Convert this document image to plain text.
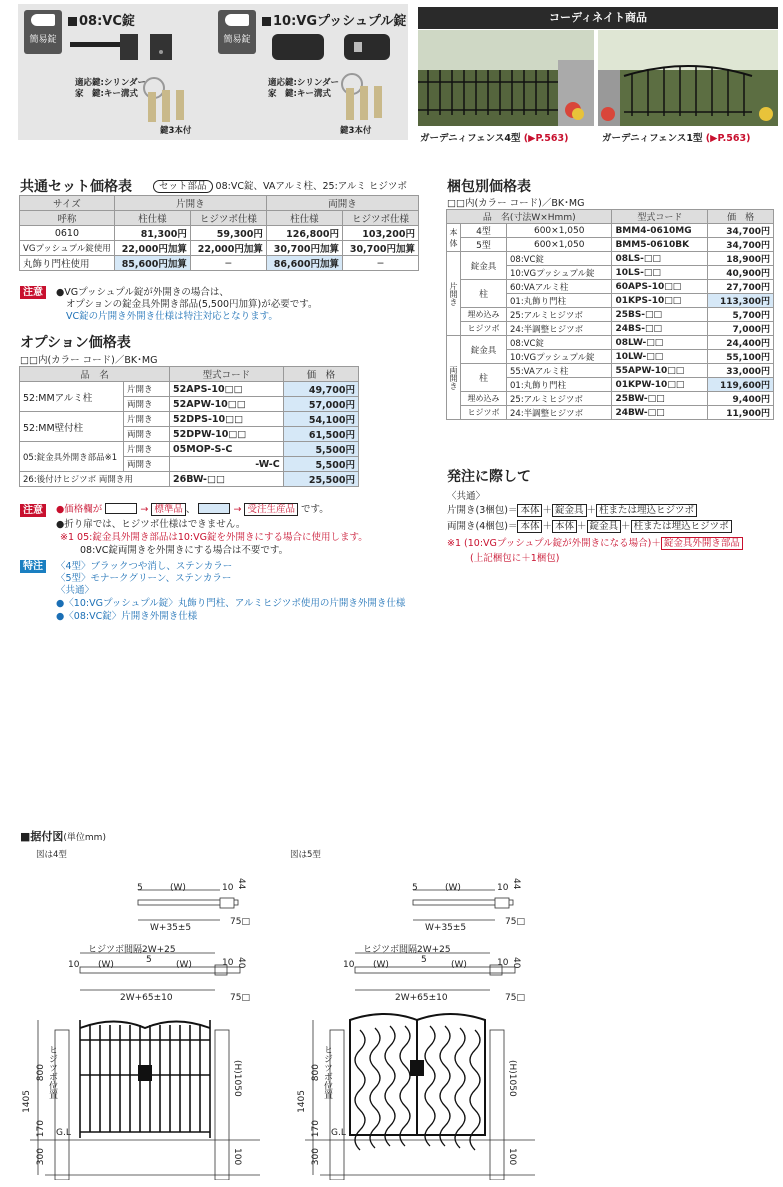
簡易錠
08:VC錠
適応鍵:シリンダー
家　鍵:キー溝式
鍵3本付
簡易錠
10:VGプッシュプル錠
適応鍵:シリンダー
家　鍵:キー溝式
鍵3本付
コーディネイト商品
ガーデニィフェンス4型 (▶P.563)	ガーデニィフェンス1型 (▶P.563)
共通セット価格表	セット部品 08:VC錠、VAアルミ柱、25:アルミ ヒジツボ
サイズ	片開き		両開き	
呼称	柱仕様	ヒジツボ仕様	柱仕様	ヒジツボ仕様
0610	81,300円	59,300円	126,800円	103,200円
VGプッシュプル錠使用	22,000円加算	22,000円加算	30,700円加算	30,700円加算
丸飾り門柱使用	85,600円加算	−	86,600円加算	−
注意	●VGプッシュプル錠が外開きの場合は、
オプションの錠金具外開き部品(5,500円加算)が必要です。
VC錠の片開き外開き仕様は特注対応となります。
オプション価格表
□□内(カラー コード)／BK･MG
品　名		型式コード	価　格
52:MMアルミ柱	片開き	52APS-10□□	49,700円
	両開き	52APW-10□□	57,000円
52:MM壁付柱	片開き	52DPS-10□□	54,100円
	両開き	52DPW-10□□	61,500円
05:錠金具外開き部品※1	片開き	05MOP-S-C	5,500円
	両開き	-W-C	5,500円
26:後付けヒジツボ 両開き用		26BW-□□	25,500円
注意	●価格欄が	→ 標準品 、	→ 受注生産品 です。
●折り扉では、ヒジツボ仕様はできません。
※1 05:錠金具外開き部品は10:VG錠を外開きにする場合に使用します。
08:VC錠両開きを外開きにする場合は不要です。
特注	〈4型〉ブラックつや消し、ステンカラー
〈5型〉モナークグリーン、ステンカラー
〈共通〉
●〈10:VGプッシュプル錠〉丸飾り門柱、アルミヒジツボ使用の片開き外開き仕様
●〈08:VC錠〉片開き外開き仕様
梱包別価格表
□□内(カラー コード)／BK･MG
品　名(寸法W×Hmm)			型式コード	価　格
本体	4型	600×1,050	BMM4-0610MG	34,700円
	5型	600×1,050	BMM5-0610BK	34,700円
片開き	錠金具	08:VC錠	08LS-□□	18,900円
		10:VGプッシュプル錠	10LS-□□	40,900円
	柱	60:VAアルミ柱	60APS-10□□	27,700円
		01:丸飾り門柱	01KPS-10□□	113,300円
	埋め込み	25:アルミヒジツボ	25BS-□□	5,700円
	ヒジツボ	24:半調整ヒジツボ	24BS-□□	7,000円
両開き	錠金具	08:VC錠	08LW-□□	24,400円
		10:VGプッシュプル錠	10LW-□□	55,100円
	柱	55:VAアルミ柱	55APW-10□□	33,000円
		01:丸飾り門柱	01KPW-10□□	119,600円
	埋め込み	25:アルミヒジツボ	25BW-□□	9,400円
	ヒジツボ	24:半調整ヒジツボ	24BW-□□	11,900円
発注に際して
〈共通〉
片開き(3梱包)＝ 本体 ＋ 錠金具 ＋ 柱または埋込ヒジツボ
両開き(4梱包)＝ 本体 ＋ 本体 ＋ 錠金具 ＋ 柱または埋込ヒジツボ
※1 (10:VGプッシュプル錠が外開きになる場合)＋ 錠金具外開き部品
(上記梱包に＋1梱包)
■据付図(単位mm)
図は4型	図は5型
5	(W)	10 44
W+35±5
75□
ヒジツボ間隔2W+25
10 (W)	5	(W)	10 40
2W+65±10	75□
1405
800 ヒジツボ位置
170
300
G.L
(H)1050
100
5	(W)	10 44
W+35±5
75□
ヒジツボ間隔2W+25
10 (W)	5	(W)	10 40
2W+65±10	75□
1405
800 ヒジツボ位置
170
300
G.L
(H)1050
100
